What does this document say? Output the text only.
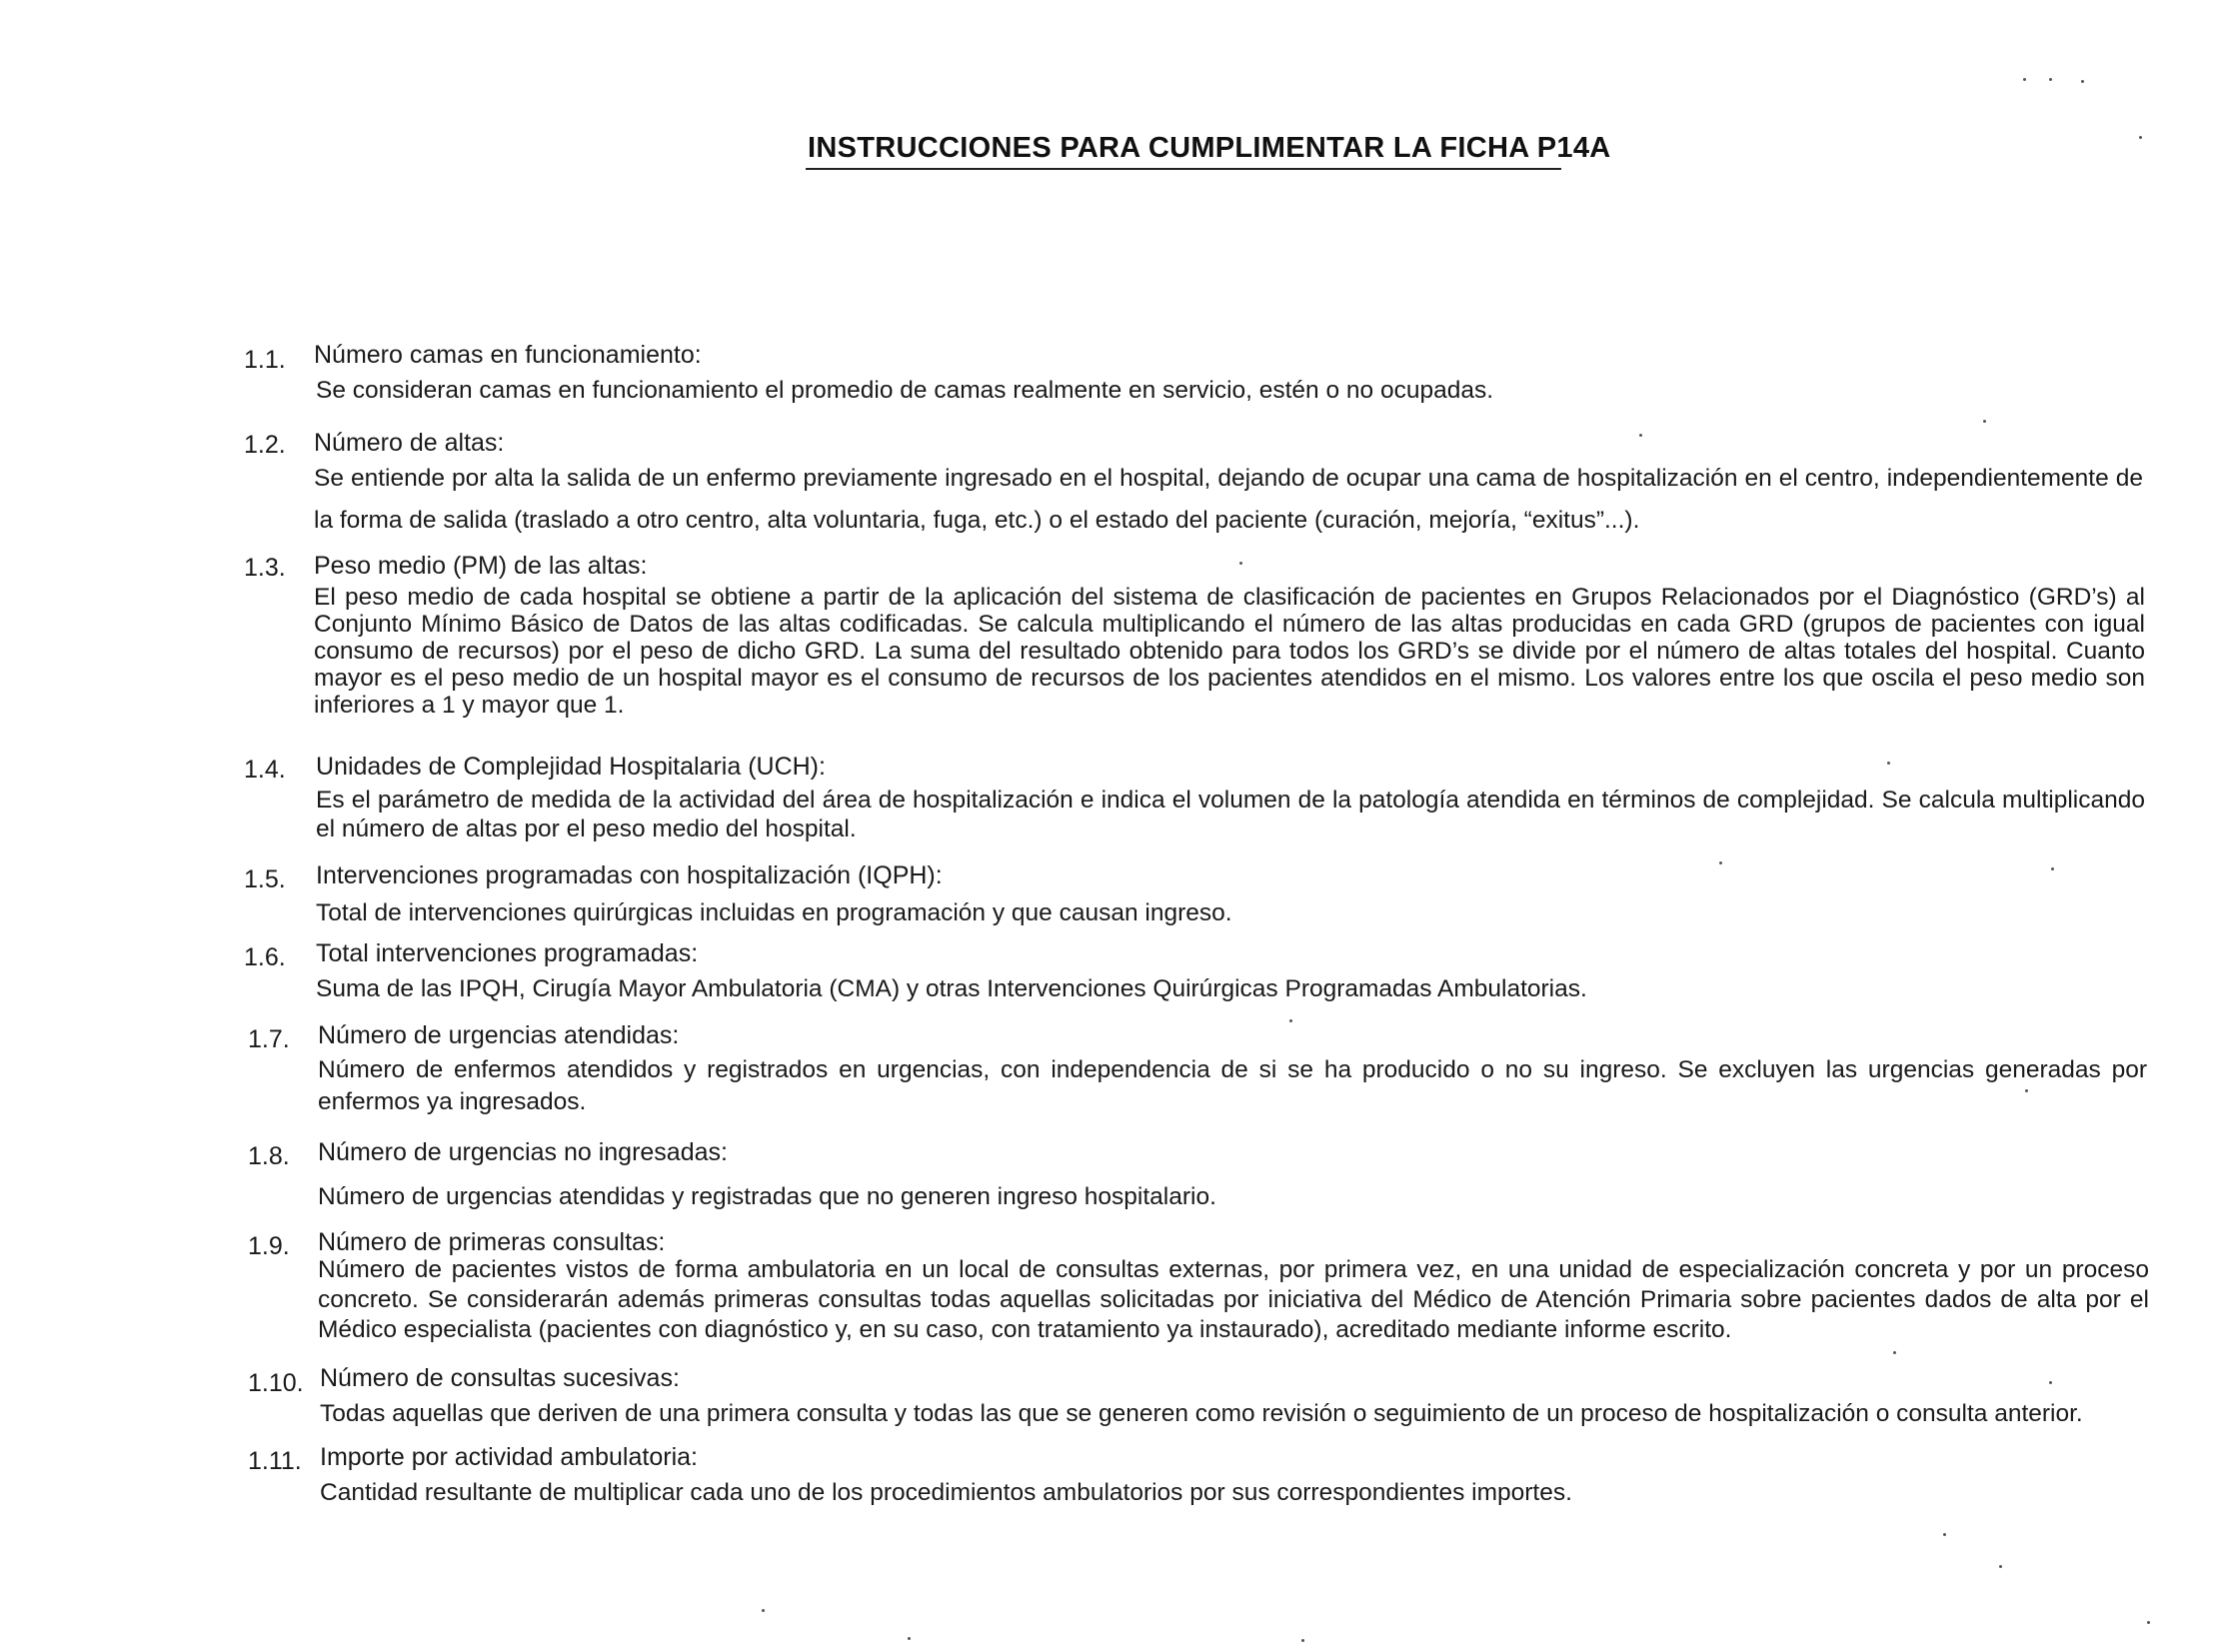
INSTRUCCIONES PARA CUMPLIMENTAR LA FICHA P14A
1.1. Número camas en funcionamiento:
Se consideran camas en funcionamiento el promedio de camas realmente en servicio, estén o no ocupadas.
1.2. Número de altas:
Se entiende por alta la salida de un enfermo previamente ingresado en el hospital, dejando de ocupar una cama de hospitalización en el centro, independientemente de la forma de salida (traslado a otro centro, alta voluntaria, fuga, etc.) o el estado del paciente (curación, mejoría, “exitus”...).
1.3. Peso medio (PM) de las altas:
El peso medio de cada hospital se obtiene a partir de la aplicación del sistema de clasificación de pacientes en Grupos Relacionados por el Diagnóstico (GRD’s) al Conjunto Mínimo Básico de Datos de las altas codificadas. Se calcula multiplicando el número de las altas producidas en cada GRD (grupos de pacientes con igual consumo de recursos) por el peso de dicho GRD. La suma del resultado obtenido para todos los GRD’s se divide por el número de altas totales del hospital. Cuanto mayor es el peso medio de un hospital mayor es el consumo de recursos de los pacientes atendidos en el mismo. Los valores entre los que oscila el peso medio son inferiores a 1 y mayor que 1.
1.4. Unidades de Complejidad Hospitalaria (UCH):
Es el parámetro de medida de la actividad del área de hospitalización e indica el volumen de la patología atendida en términos de complejidad. Se calcula multiplicando el número de altas por el peso medio del hospital.
1.5. Intervenciones programadas con hospitalización (IQPH):
Total de intervenciones quirúrgicas incluidas en programación y que causan ingreso.
1.6. Total intervenciones programadas:
Suma de las IPQH, Cirugía Mayor Ambulatoria (CMA) y otras Intervenciones Quirúrgicas Programadas Ambulatorias.
1.7. Número de urgencias atendidas:
Número de enfermos atendidos y registrados en urgencias, con independencia de si se ha producido o no su ingreso. Se excluyen las urgencias generadas por enfermos ya ingresados.
1.8. Número de urgencias no ingresadas:
Número de urgencias atendidas y registradas que no generen ingreso hospitalario.
1.9. Número de primeras consultas:
Número de pacientes vistos de forma ambulatoria en un local de consultas externas, por primera vez, en una unidad de especialización concreta y por un proceso concreto. Se considerarán además primeras consultas todas aquellas solicitadas por iniciativa del Médico de Atención Primaria sobre pacientes dados de alta por el Médico especialista (pacientes con diagnóstico y, en su caso, con tratamiento ya instaurado), acreditado mediante informe escrito.
1.10. Número de consultas sucesivas:
Todas aquellas que deriven de una primera consulta y todas las que se generen como revisión o seguimiento de un proceso de hospitalización o consulta anterior.
1.11. Importe por actividad ambulatoria:
Cantidad resultante de multiplicar cada uno de los procedimientos ambulatorios por sus correspondientes importes.
